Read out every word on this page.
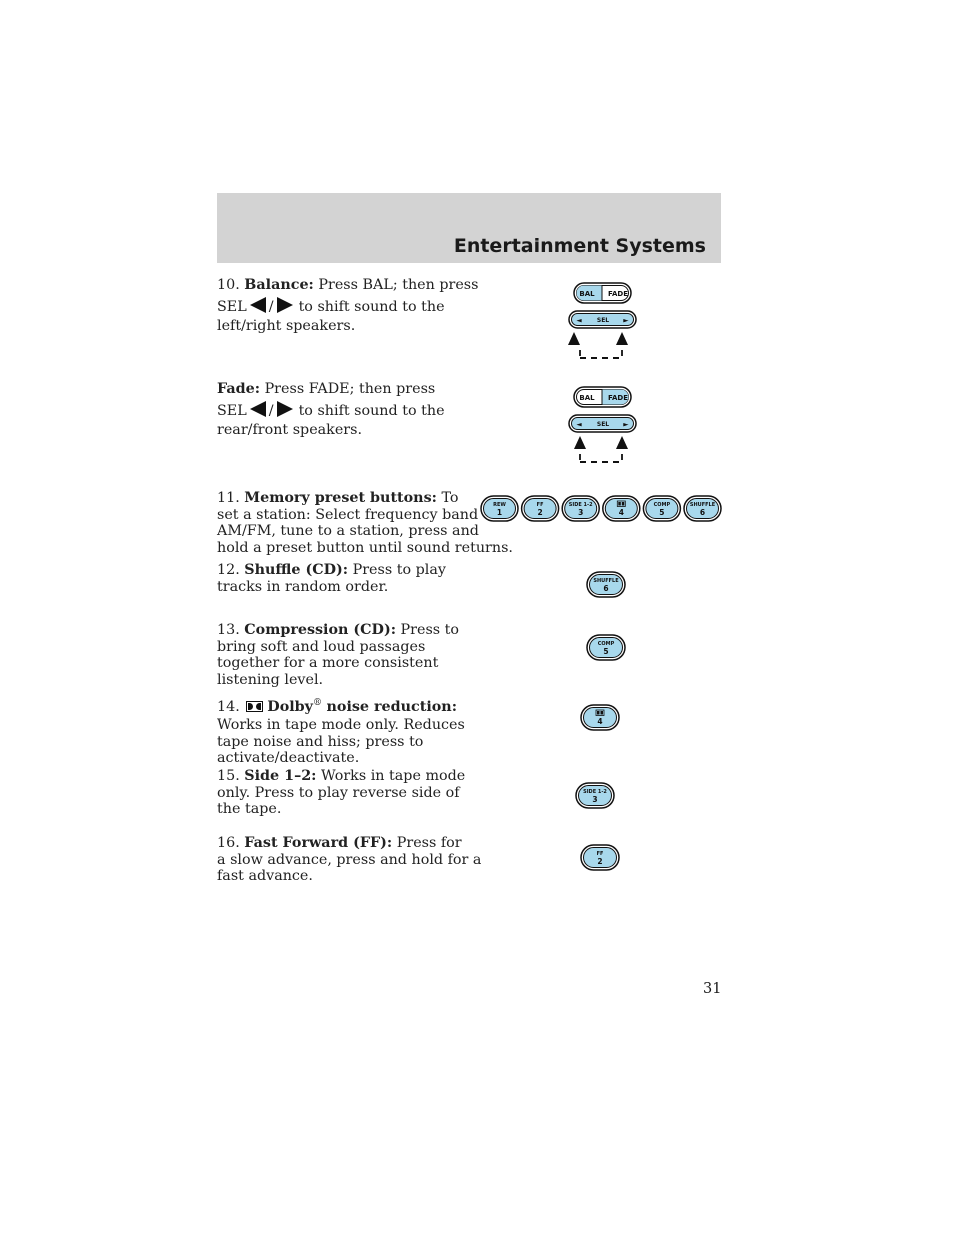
Entertainment Systems
10. Balance: Press BAL; then press
SEL / to shift sound to the
left/right speakers.
Fade: Press FADE; then press
SEL / to shift sound to the
rear/front speakers.
11. Memory preset buttons: To
set a station: Select frequency band
AM/FM, tune to a station, press and
hold a preset button until sound returns.
12. Shuffle (CD): Press to play
tracks in random order.
13. Compression (CD): Press to
bring soft and loud passages
together for a more consistent
listening level.
14. Dolby® noise reduction:
Works in tape mode only. Reduces
tape noise and hiss; press to
activate/deactivate.
15. Side 1–2: Works in tape mode
only. Press to play reverse side of
the tape.
16. Fast Forward (FF): Press for
a slow advance, press and hold for a
fast advance.
BAL FADE
◄	SEL ►
BAL FADE
◄	SEL ►
REW
1
FF
2
SIDE 1-2
3	4
COMP
5
SHUFFLE
6
SHUFFLE
6
COMP
5
4
SIDE 1-2
3
FF
2
31
